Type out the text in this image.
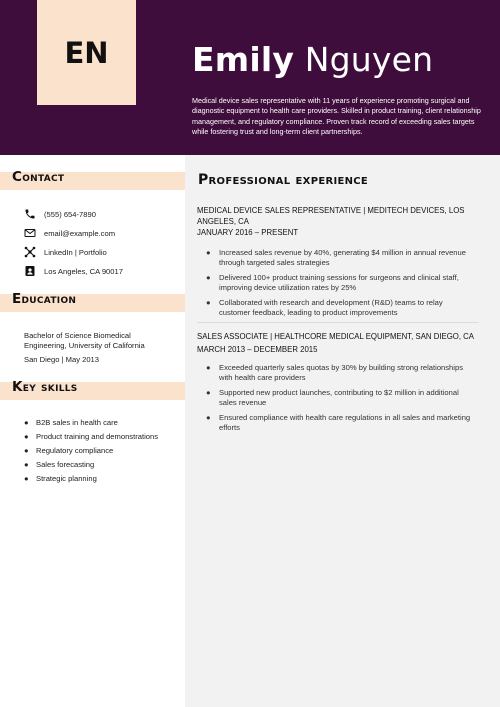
EN	Emily Nguyen
Medical device sales representative with 11 years of experience promoting surgical and diagnostic equipment to health care providers. Skilled in product training, client relationship management, and regulatory compliance. Proven track record of exceeding sales targets while fostering trust and long-term client partnerships.
Contact
(555) 654-7890
email@example.com
LinkedIn | Portfolio
Los Angeles, CA 90017
Education
Bachelor of Science Biomedical Engineering, University of California
San Diego | May 2013
Key skills
● B2B sales in health care
● Product training and demonstrations
● Regulatory compliance
● Sales forecasting
● Strategic planning
Professional experience
MEDICAL DEVICE SALES REPRESENTATIVE | MEDITECH DEVICES, LOS ANGELES, CA
JANUARY 2016 – PRESENT
●	Increased sales revenue by 40%, generating $4 million in annual revenue through targeted sales strategies
●	Delivered 100+ product training sessions for surgeons and clinical staff, improving device utilization rates by 25%
●	Collaborated with research and development (R&D) teams to relay customer feedback, leading to product improvements
SALES ASSOCIATE | HEALTHCORE MEDICAL EQUIPMENT, SAN DIEGO, CA
MARCH 2013 – DECEMBER 2015
●	Exceeded quarterly sales quotas by 30% by building strong relationships with health care providers
●	Supported new product launches, contributing to $2 million in additional sales revenue
●	Ensured compliance with health care regulations in all sales and marketing efforts
